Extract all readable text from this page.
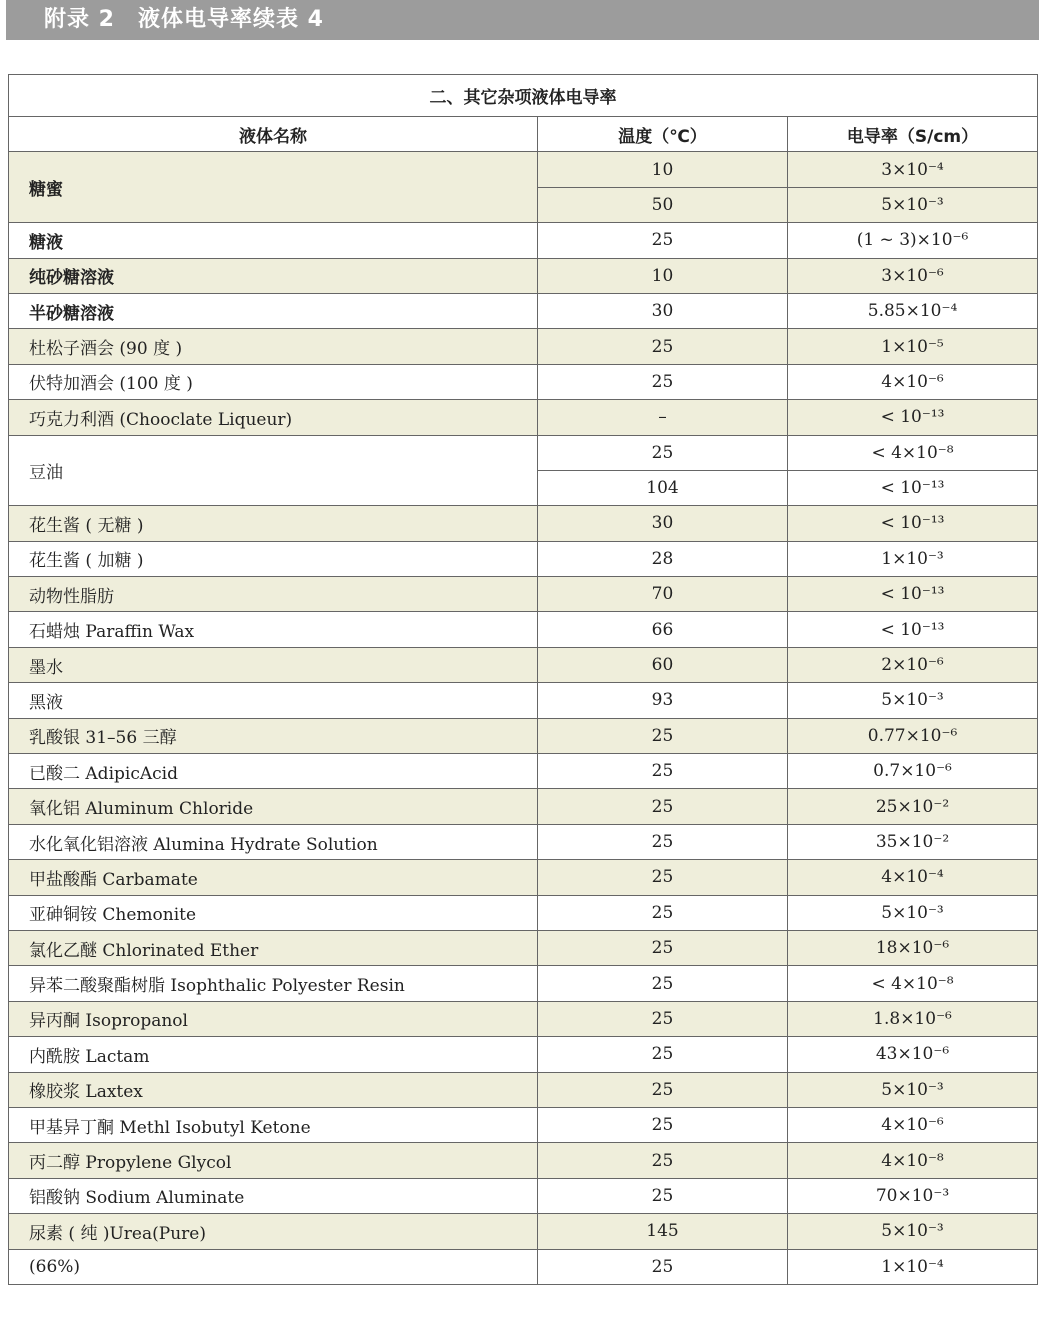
附录 2　液体电导率续表 4
二、其它杂项液体电导率		
液体名称	温度（℃）	电导率（S/cm）
糖蜜	10	3×10⁻⁴
	50	5×10⁻³
糖液	25	(1 ~ 3)×10⁻⁶
纯砂糖溶液	10	3×10⁻⁶
半砂糖溶液	30	5.85×10⁻⁴
杜松子酒会 (90 度 )	25	1×10⁻⁵
伏特加酒会 (100 度 )	25	4×10⁻⁶
巧克力利酒 (Chooclate Liqueur)	–	< 10⁻¹³
豆油	25	< 4×10⁻⁸
	104	< 10⁻¹³
花生酱 ( 无糖 )	30	< 10⁻¹³
花生酱 ( 加糖 )	28	1×10⁻³
动物性脂肪	70	< 10⁻¹³
石蜡烛 Paraffin Wax	66	< 10⁻¹³
墨水	60	2×10⁻⁶
黑液	93	5×10⁻³
乳酸银 31–56 三醇	25	0.77×10⁻⁶
已酸二 AdipicAcid	25	0.7×10⁻⁶
氧化铝 Aluminum Chloride	25	25×10⁻²
水化氧化铝溶液 Alumina Hydrate Solution	25	35×10⁻²
甲盐酸酯 Carbamate	25	4×10⁻⁴
亚砷铜铵 Chemonite	25	5×10⁻³
氯化乙醚 Chlorinated Ether	25	18×10⁻⁶
异苯二酸聚酯树脂 Isophthalic Polyester Resin	25	< 4×10⁻⁸
异丙酮 Isopropanol	25	1.8×10⁻⁶
内酰胺 Lactam	25	43×10⁻⁶
橡胶浆 Laxtex	25	5×10⁻³
甲基异丁酮 Methl Isobutyl Ketone	25	4×10⁻⁶
丙二醇 Propylene Glycol	25	4×10⁻⁸
铝酸钠 Sodium Aluminate	25	70×10⁻³
尿素 ( 纯 )Urea(Pure)	145	5×10⁻³
(66%)	25	1×10⁻⁴
